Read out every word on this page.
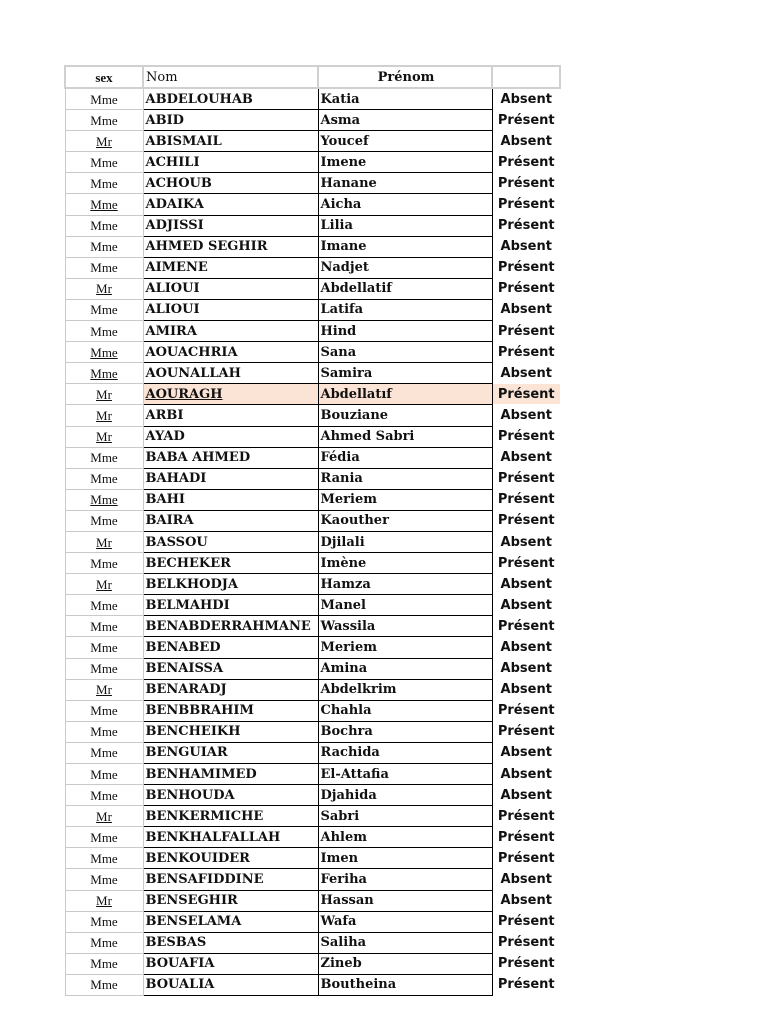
sex	Nom	Prénom	
Mme	ABDELOUHAB	Katia	Absent
Mme	ABID	Asma	Présent
Mr	ABISMAIL	Youcef	Absent
Mme	ACHILI	Imene	Présent
Mme	ACHOUB	Hanane	Présent
Mme	ADAIKA	Aicha	Présent
Mme	ADJISSI	Lilia	Présent
Mme	AHMED SEGHIR	Imane	Absent
Mme	AIMENE	Nadjet	Présent
Mr	ALIOUI	Abdellatif	Présent
Mme	ALIOUI	Latifa	Absent
Mme	AMIRA	Hind	Présent
Mme	AOUACHRIA	Sana	Présent
Mme	AOUNALLAH	Samira	Absent
Mr	AOURAGH	Abdellatıf	Présent
Mr	ARBI	Bouziane	Absent
Mr	AYAD	Ahmed Sabri	Présent
Mme	BABA AHMED	Fédia	Absent
Mme	BAHADI	Rania	Présent
Mme	BAHI	Meriem	Présent
Mme	BAIRA	Kaouther	Présent
Mr	BASSOU	Djilali	Absent
Mme	BECHEKER	Imène	Présent
Mr	BELKHODJA	Hamza	Absent
Mme	BELMAHDI	Manel	Absent
Mme	BENABDERRAHMANE	Wassila	Présent
Mme	BENABED	Meriem	Absent
Mme	BENAISSA	Amina	Absent
Mr	BENARADJ	Abdelkrim	Absent
Mme	BENBBRAHIM	Chahla	Présent
Mme	BENCHEIKH	Bochra	Présent
Mme	BENGUIAR	Rachida	Absent
Mme	BENHAMIMED	El-Attafia	Absent
Mme	BENHOUDA	Djahida	Absent
Mr	BENKERMICHE	Sabri	Présent
Mme	BENKHALFALLAH	Ahlem	Présent
Mme	BENKOUIDER	Imen	Présent
Mme	BENSAFIDDINE	Feriha	Absent
Mr	BENSEGHIR	Hassan	Absent
Mme	BENSELAMA	Wafa	Présent
Mme	BESBAS	Saliha	Présent
Mme	BOUAFIA	Zineb	Présent
Mme	BOUALIA	Boutheina	Présent
